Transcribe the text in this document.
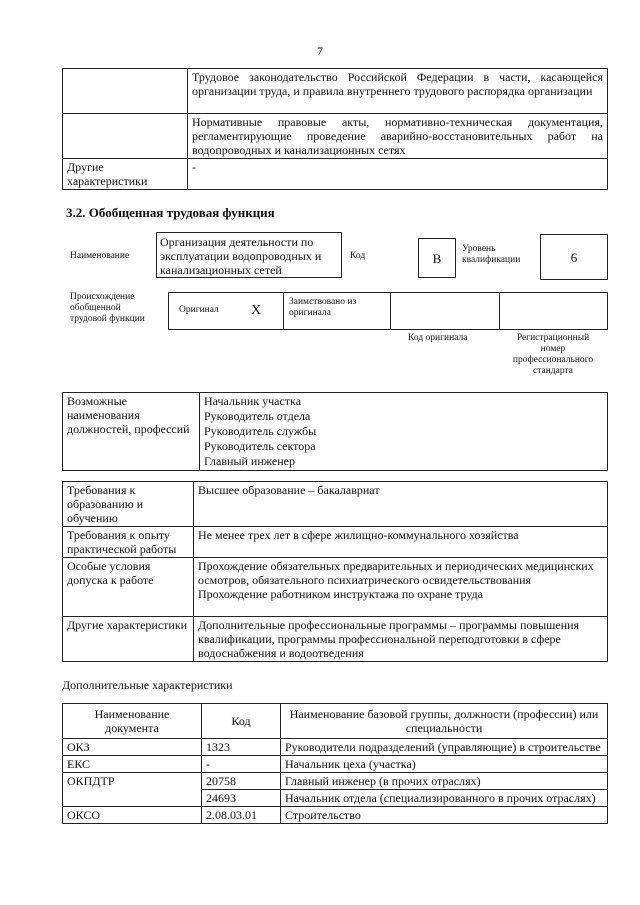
7
	Трудовое законодательство Российской Федерации в части, касающейся организации труда, и правила внутреннего трудового распорядка организации
	Нормативные правовые акты, нормативно-техническая документация, регламентирующие проведение аварийно-восстановительных работ на водопроводных и канализационных сетях
Другие характеристики	-
3.2. Обобщенная трудовая функция
Наименование
Организация деятельности по эксплуатации водопроводных и канализационных сетей
Код	B
Уровень квалификации	6
Происхождение обобщенной трудовой функции
Оригинал X
Заимствовано из оригинала
Код оригинала	Регистрационный номер профессионального стандарта
Возможные наименования должностей, профессий	
Начальник участка
Руководитель отдела
Руководитель службы
Руководитель сектора
Главный инженер
Требования к образованию и обучению	Высшее образование – бакалавриат
Требования к опыту практической работы	Не менее трех лет в сфере жилищно-коммунального хозяйства
Особые условия допуска к работе	Прохождение обязательных предварительных и периодических медицинских осмотров, обязательного психиатрического освидетельствования
Прохождение работником инструктажа по охране труда

Другие характеристики	Дополнительные профессиональные программы – программы повышения квалификации, программы профессиональной переподготовки в сфере водоснабжения и водоотведения
Дополнительные характеристики
Наименование документа	Код	Наименование базовой группы, должности (профессии) или специальности
ОКЗ	1323	Руководители подразделений (управляющие) в строительстве
ЕКС	-	Начальник цеха (участка)
ОКПДТР	20758	Главный инженер (в прочих отраслях)
	24693	Начальник отдела (специализированного в прочих отраслях)
ОКСО	2.08.03.01	Строительство
